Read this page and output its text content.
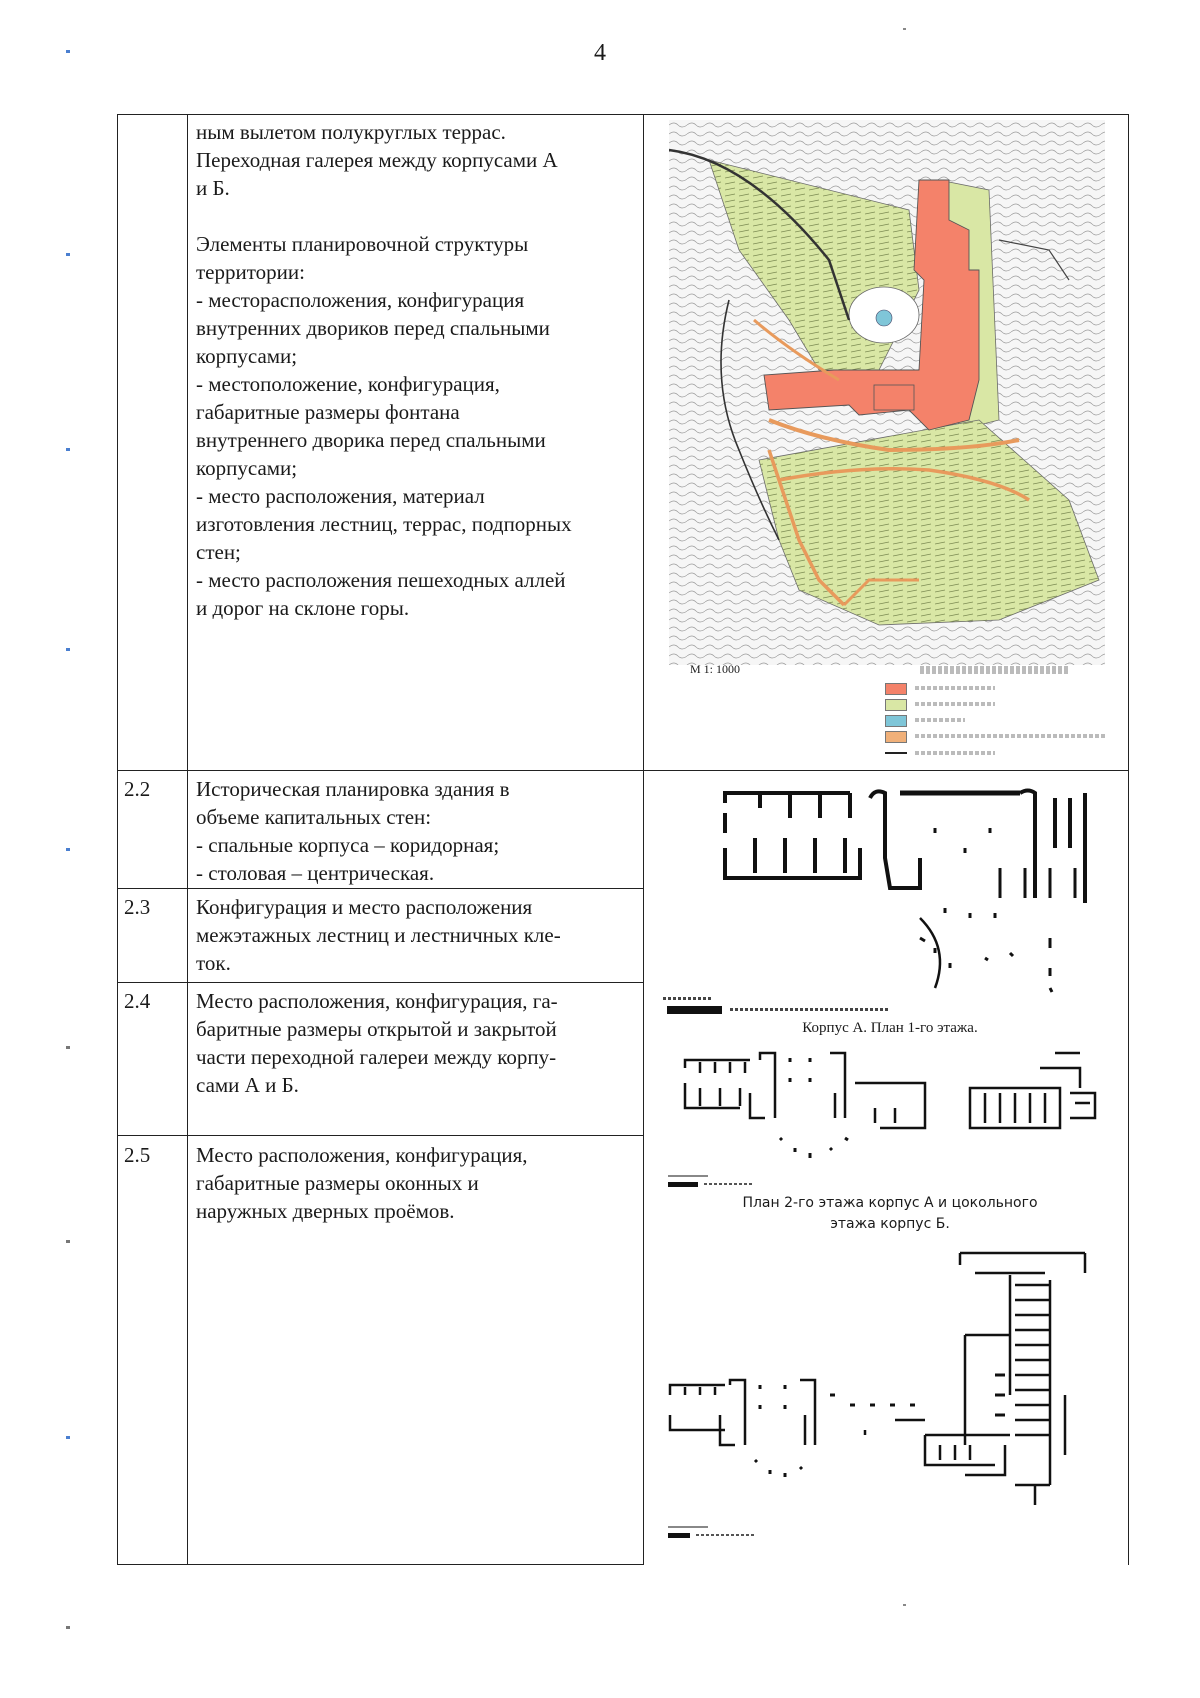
4
ным вылетом полукруглых террас.
Переходная галерея между корпусами А
и Б.

Элементы планировочной структуры
территории:
- месторасположения, конфигурация
внутренних двориков перед спальными
корпусами;
- местоположение, конфигурация,
габаритные размеры фонтана
внутреннего дворика перед спальными
корпусами;
- место расположения, материал
изготовления лестниц, террас, подпорных
стен;
- место расположения пешеходных аллей
и дорог на склоне горы.
2.2 Историческая планировка здания в
объеме капитальных стен:
- спальные корпуса – коридорная;
- столовая – центрическая.
2.3 Конфигурация и место расположения
межэтажных лестниц и лестничных кле-
ток.
2.4 Место расположения, конфигурация, га-
баритные размеры открытой и закрытой
части переходной галереи между корпу-
сами А и Б.
2.5 Место расположения, конфигурация,
габаритные размеры оконных и
наружных дверных проёмов.
М 1: 1000
Корпус А. План 1-го этажа.
План 2-го этажа корпус А и цокольного
этажа корпус Б.
